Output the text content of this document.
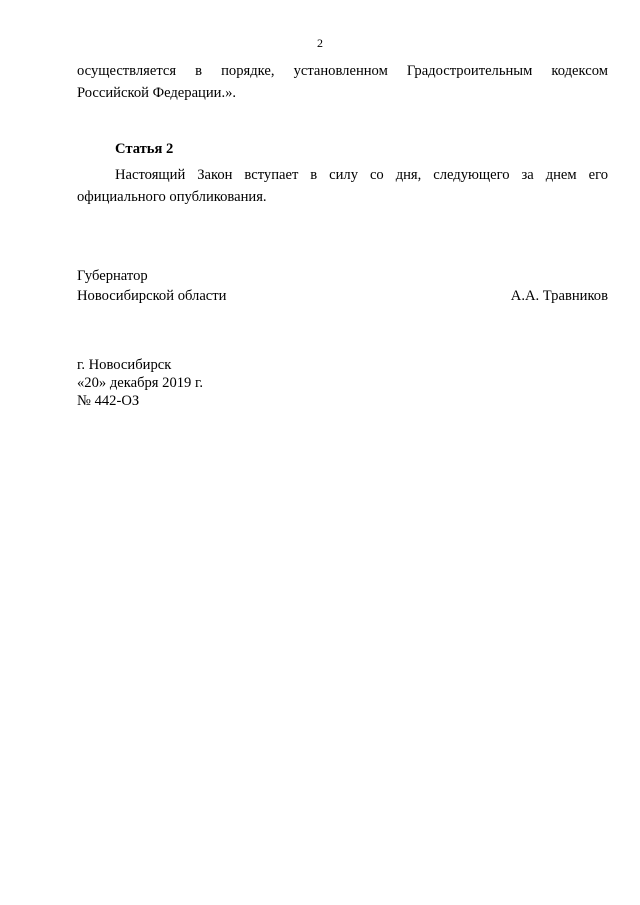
2
осуществляется в порядке, установленном Градостроительным кодексом
Российской Федерации.».
Статья 2
Настоящий Закон вступает в силу со дня, следующего за днем его
официального опубликования.
Губернатор
Новосибирской области	А.А. Травников
г. Новосибирск
«20» декабря 2019 г.
№ 442-ОЗ
